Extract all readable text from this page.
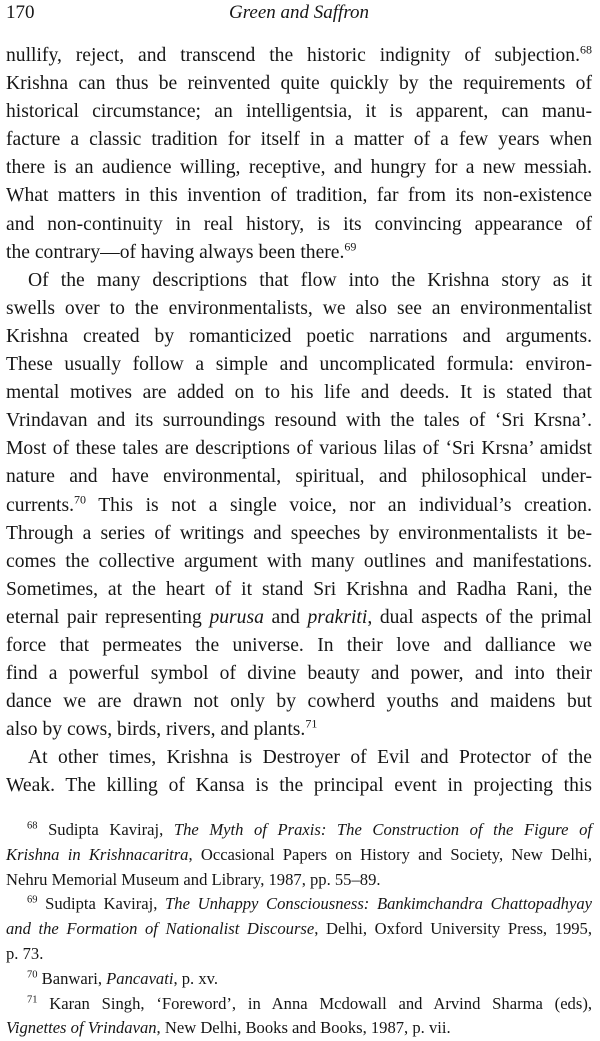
170	Green and Saffron
nullify, reject, and transcend the historic indignity of subjection.$^{68}$
Krishna can thus be reinvented quite quickly by the requirements of
historical circumstance; an intelligentsia, it is apparent, can manu-
facture a classic tradition for itself in a matter of a few years when
there is an audience willing, receptive, and hungry for a new messiah.
What matters in this invention of tradition, far from its non-existence
and non-continuity in real history, is its convincing appearance of
the contrary—of having always been there.$^{69}$
Of the many descriptions that flow into the Krishna story as it
swells over to the environmentalists, we also see an environmentalist
Krishna created by romanticized poetic narrations and arguments.
These usually follow a simple and uncomplicated formula: environ-
mental motives are added on to his life and deeds. It is stated that
Vrindavan and its surroundings resound with the tales of ‘Sri Krsna’.
Most of these tales are descriptions of various lilas of ‘Sri Krsna’ amidst
nature and have environmental, spiritual, and philosophical under-
currents.$^{70}$ This is not a single voice, nor an individual’s creation.
Through a series of writings and speeches by environmentalists it be-
comes the collective argument with many outlines and manifestations.
Sometimes, at the heart of it stand Sri Krishna and Radha Rani, the
eternal pair representing purusa and prakriti, dual aspects of the primal
force that permeates the universe. In their love and dalliance we
find a powerful symbol of divine beauty and power, and into their
dance we are drawn not only by cowherd youths and maidens but
also by cows, birds, rivers, and plants.$^{71}$
At other times, Krishna is Destroyer of Evil and Protector of the
Weak. The killing of Kansa is the principal event in projecting this
$^{68}$ Sudipta Kaviraj, The Myth of Praxis: The Construction of the Figure of
Krishna in Krishnacaritra, Occasional Papers on History and Society, New Delhi,
Nehru Memorial Museum and Library, 1987, pp. 55–89.
$^{69}$ Sudipta Kaviraj, The Unhappy Consciousness: Bankimchandra Chattopadhyay
and the Formation of Nationalist Discourse, Delhi, Oxford University Press, 1995,
p. 73.
$^{70}$ Banwari, Pancavati, p. xv.
$^{71}$ Karan Singh, ‘Foreword’, in Anna Mcdowall and Arvind Sharma (eds),
Vignettes of Vrindavan, New Delhi, Books and Books, 1987, p. vii.
